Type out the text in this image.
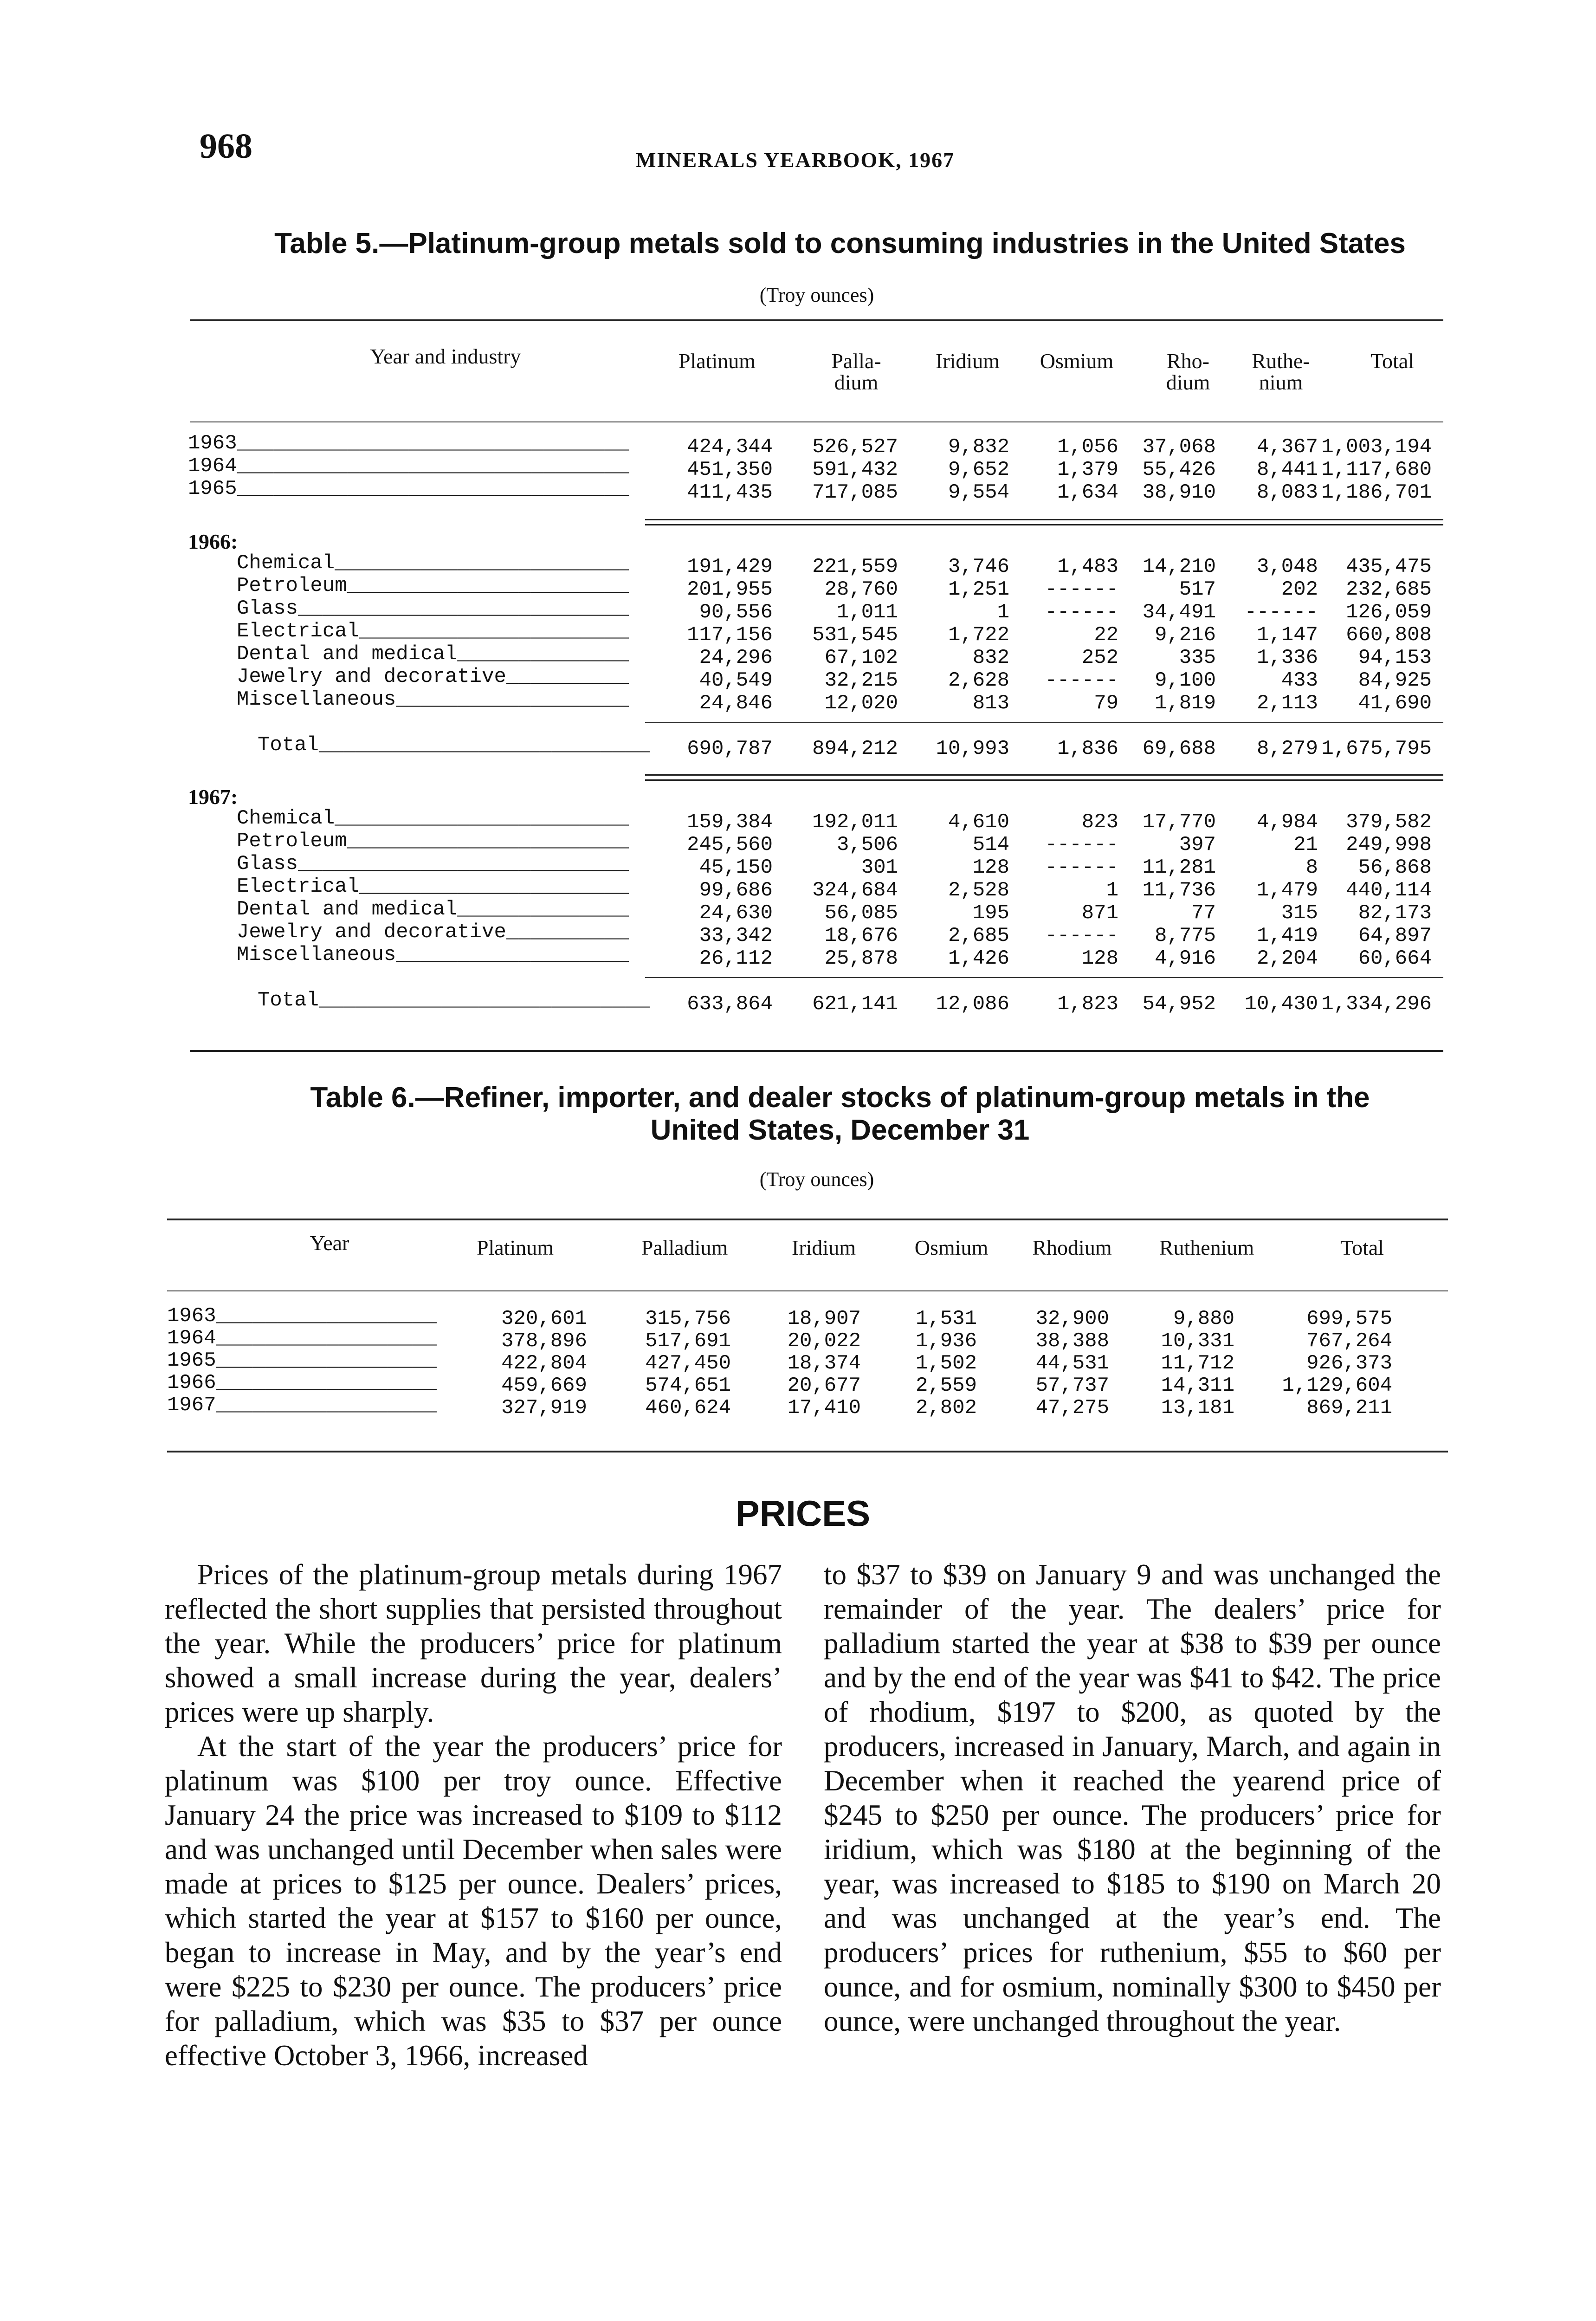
968	MINERALS YEARBOOK, 1967
Table 5.—Platinum-group metals sold to consuming industries in the United States
(Troy ounces)
Year and industry	Platinum	Palla-
dium
Iridium	Osmium	Rho-
dium
Ruthe-
nium
Total
1963________________________________	424,344	526,527	9,832	1,056	37,068	4,367 1,003,194
1964________________________________	451,350	591,432	9,652	1,379	55,426	8,441 1,117,680
1965________________________________	411,435	717,085	9,554	1,634	38,910	8,083 1,186,701
1966:
Chemical________________________	191,429	221,559	3,746	1,483	14,210	3,048	435,475
Petroleum_______________________	201,955	28,760	1,251	------	517	202	232,685
Glass___________________________	90,556	1,011	1	------	34,491	------	126,059
Electrical______________________	117,156	531,545	1,722	22	9,216	1,147	660,808
Dental and medical______________	24,296	67,102	832	252	335	1,336	94,153
Jewelry and decorative__________	40,549	32,215	2,628	------	9,100	433	84,925
Miscellaneous___________________	24,846	12,020	813	79	1,819	2,113	41,690
Total___________________________	690,787	894,212	10,993	1,836	69,688	8,279 1,675,795
1967:
Chemical________________________	159,384	192,011	4,610	823	17,770	4,984	379,582
Petroleum_______________________	245,560	3,506	514	------	397	21	249,998
Glass___________________________	45,150	301	128	------	11,281	8	56,868
Electrical______________________	99,686	324,684	2,528	1	11,736	1,479	440,114
Dental and medical______________	24,630	56,085	195	871	77	315	82,173
Jewelry and decorative__________	33,342	18,676	2,685	------	8,775	1,419	64,897
Miscellaneous___________________	26,112	25,878	1,426	128	4,916	2,204	60,664
Total___________________________	633,864	621,141	12,086	1,823	54,952	10,430 1,334,296
Table 6.—Refiner, importer, and dealer stocks of platinum-group metals in the
United States, December 31
(Troy ounces)
Year	Platinum	Palladium	Iridium	Osmium	Rhodium	Ruthenium	Total
1963__________________	320,601	315,756	18,907	1,531	32,900	9,880	699,575
1964__________________	378,896	517,691	20,022	1,936	38,388	10,331	767,264
1965__________________	422,804	427,450	18,374	1,502	44,531	11,712	926,373
1966__________________	459,669	574,651	20,677	2,559	57,737	14,311	1,129,604
1967__________________	327,919	460,624	17,410	2,802	47,275	13,181	869,211
PRICES

Prices of the platinum-group metals during 1967 reflected the short supplies that persisted throughout the year. While the producers’ price for platinum showed a small increase during the year, dealers’ prices were up sharply.

At the start of the year the producers’ price for platinum was $100 per troy ounce. Effective January 24 the price was increased to $109 to $112 and was unchanged until December when sales were made at prices to $125 per ounce. Dealers’ prices, which started the year at $157 to $160 per ounce, began to increase in May, and by the year’s end were $225 to $230 per ounce. The producers’ price for palladium, which was $35 to $37 per ounce effective October 3, 1966, increased

to $37 to $39 on January 9 and was unchanged the remainder of the year. The dealers’ price for palladium started the year at $38 to $39 per ounce and by the end of the year was $41 to $42. The price of rhodium, $197 to $200, as quoted by the producers, increased in January, March, and again in December when it reached the yearend price of $245 to $250 per ounce. The producers’ price for iridium, which was $180 at the beginning of the year, was increased to $185 to $190 on March 20 and was unchanged at the year’s end. The producers’ prices for ruthenium, $55 to $60 per ounce, and for osmium, nominally $300 to $450 per ounce, were unchanged throughout the year.
